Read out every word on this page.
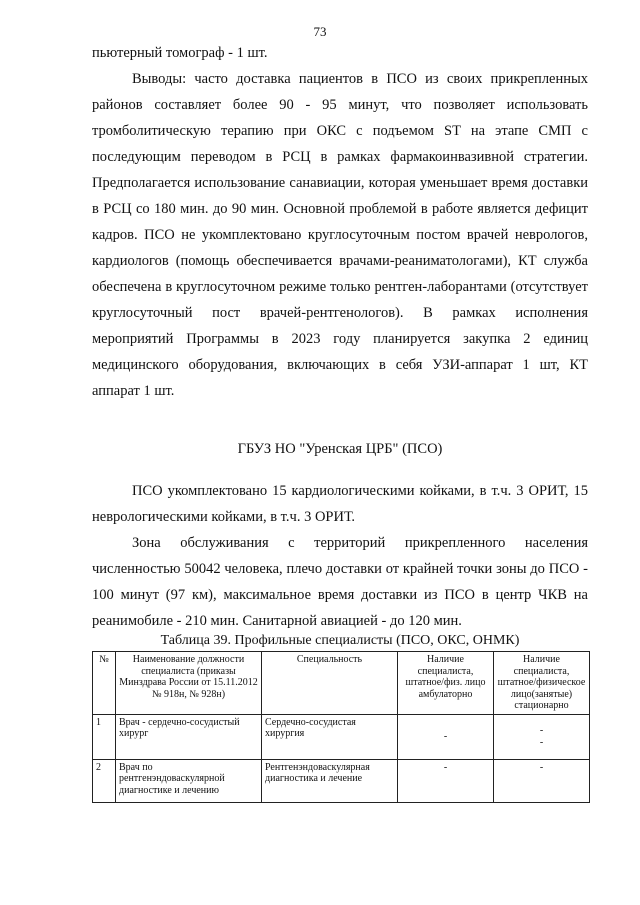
73

пьютерный томограф - 1 шт.

Выводы: часто доставка пациентов в ПСО из своих прикрепленных районов составляет более 90 - 95 минут, что позволяет использовать тромболитическую терапию при ОКС с подъемом ST на этапе СМП с последующим переводом в РСЦ в рамках фармакоинвазивной стратегии. Предполагается использование санавиации, которая уменьшает время доставки в РСЦ со 180 мин. до 90 мин. Основной проблемой в работе является дефицит кадров. ПСО не укомплектовано круглосуточным постом врачей неврологов, кардиологов (помощь обеспечивается врачами-реаниматологами), КТ служба обеспечена в круглосуточном режиме только рентген-лаборантами (отсутствует круглосуточный пост врачей-рентгенологов). В рамках исполнения мероприятий Программы в 2023 году планируется закупка 2 единиц медицинского оборудования, включающих в себя УЗИ-аппарат 1 шт, КТ аппарат 1 шт.

ГБУЗ НО "Уренская ЦРБ" (ПСО)

ПСО укомплектовано 15 кардиологическими койками, в т.ч. 3 ОРИТ, 15 неврологическими койками, в т.ч. 3 ОРИТ.

Зона обслуживания с территорий прикрепленного населения численностью 50042 человека, плечо доставки от крайней точки зоны до ПСО - 100 минут (97 км), максимальное время доставки из ПСО в центр ЧКВ на реанимобиле - 210 мин. Санитарной авиацией - до 120 мин.

Таблица 39. Профильные специалисты (ПСО, ОКС, ОНМК)
№	Наименование должности специалиста (приказы Минздрава России от 15.11.2012 № 918н, № 928н)	Специальность	Наличие специалиста, штатное/физ. лицо амбулаторно	Наличие специалиста, штатное/физическое лицо(занятые) стационарно
1	Врач - сердечно-сосудистый хирург	Сердечно-сосудистая хирургия	-	-
-

2	Врач по рентгенэндоваскулярной диагностике и лечению	Рентгенэндоваскулярная диагностика и лечение	-	-
